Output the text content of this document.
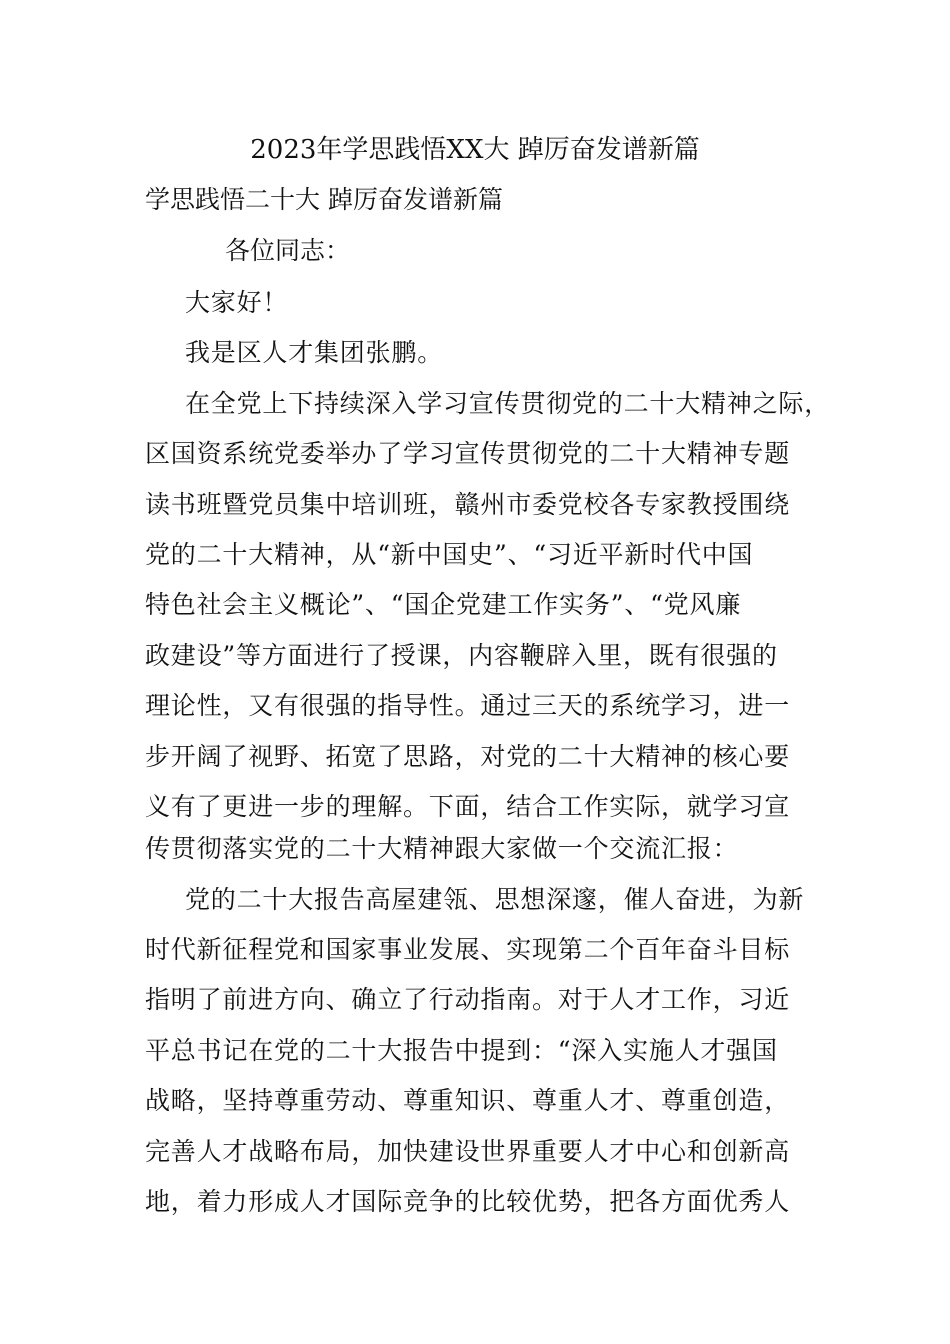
2023年学思践悟XX大 踔厉奋发谱新篇
学思践悟二十大 踔厉奋发谱新篇
各位同志：
大家好！
我是区人才集团张鹏。
在全党上下持续深入学习宣传贯彻党的二十大精神之际，
区国资系统党委举办了学习宣传贯彻党的二十大精神专题
读书班暨党员集中培训班，赣州市委党校各专家教授围绕
党的二十大精神，从“新中国史”、“习近平新时代中国
特色社会主义概论”、“国企党建工作实务”、“党风廉
政建设”等方面进行了授课，内容鞭辟入里，既有很强的
理论性，又有很强的指导性。通过三天的系统学习，进一
步开阔了视野、拓宽了思路，对党的二十大精神的核心要
义有了更进一步的理解。下面，结合工作实际，就学习宣
传贯彻落实党的二十大精神跟大家做一个交流汇报：
党的二十大报告高屋建瓴、思想深邃，催人奋进，为新
时代新征程党和国家事业发展、实现第二个百年奋斗目标
指明了前进方向、确立了行动指南。对于人才工作，习近
平总书记在党的二十大报告中提到：“深入实施人才强国
战略，坚持尊重劳动、尊重知识、尊重人才、尊重创造，
完善人才战略布局，加快建设世界重要人才中心和创新高
地，着力形成人才国际竞争的比较优势，把各方面优秀人
